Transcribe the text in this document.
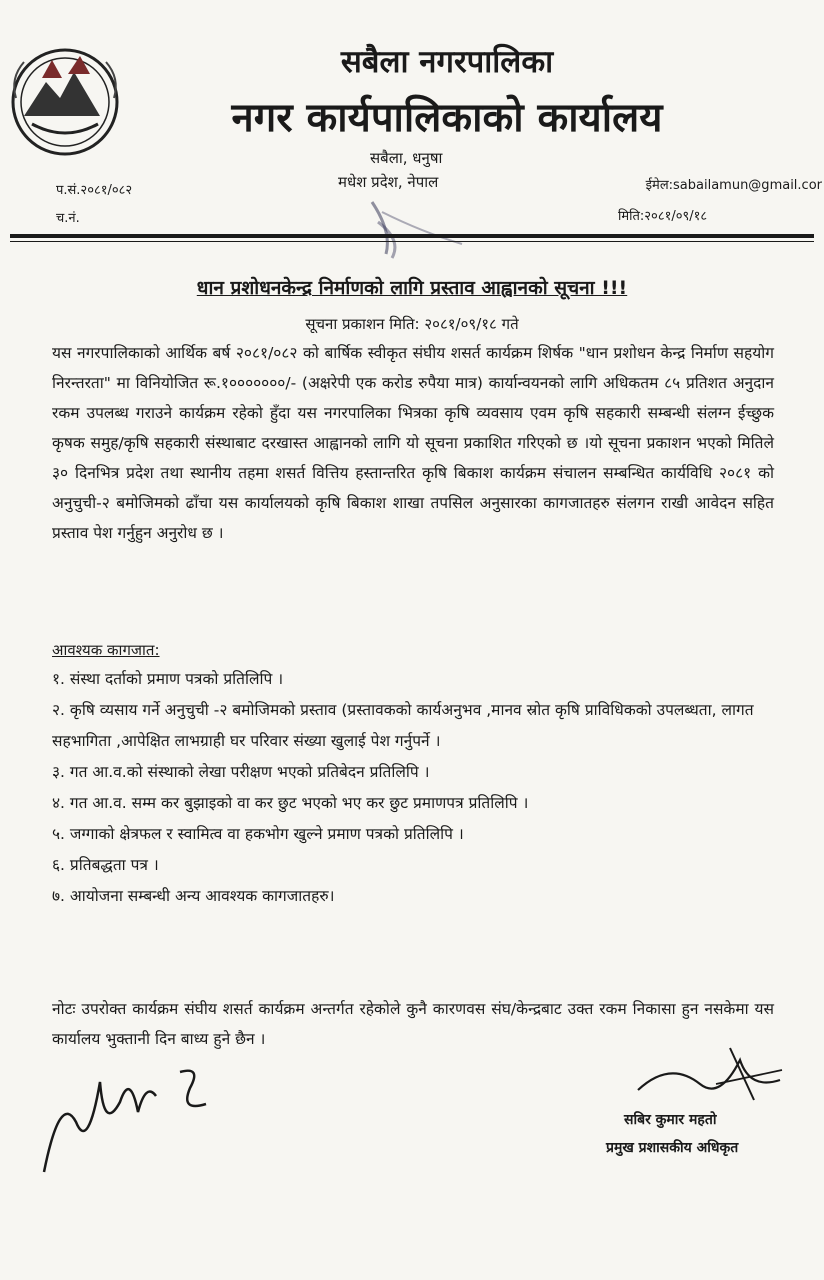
सबैला नगरपालिका
नगर कार्यपालिकाको कार्यालय
सबैला, धनुषा
मधेश प्रदेश, नेपाल
प.सं.२०८१/०८२
च.नं.
ईमेल:sabailamun@gmail.cor
मिति:२०८१/०९/१८
धान प्रशोधनकेन्द्र निर्माणको लागि प्रस्ताव आह्वानको सूचना !!!
सूचना प्रकाशन मिति: २०८१/०९/१८ गते
यस नगरपालिकाको आर्थिक बर्ष २०८१/०८२ को बार्षिक स्वीकृत संघीय शसर्त कार्यक्रम शिर्षक "धान प्रशोधन केन्द्र निर्माण सहयोग निरन्तरता" मा विनियोजित रू.१०००००००/- (अक्षरेपी एक करोड रुपैया मात्र) कार्यान्वयनको लागि अधिकतम ८५ प्रतिशत अनुदान रकम उपलब्ध गराउने कार्यक्रम रहेको हुँदा यस नगरपालिका भित्रका कृषि व्यवसाय एवम कृषि सहकारी सम्बन्धी संलग्न ईच्छुक कृषक समुह/कृषि सहकारी संस्थाबाट दरखास्त आह्वानको लागि यो सूचना प्रकाशित गरिएको छ ।यो सूचना प्रकाशन भएको मितिले ३० दिनभित्र प्रदेश तथा स्थानीय तहमा शसर्त वित्तिय हस्तान्तरित कृषि बिकाश कार्यक्रम संचालन सम्बन्धित कार्यविधि २०८१ को अनुचुची-२ बमोजिमको ढाँचा यस कार्यालयको कृषि बिकाश शाखा तपसिल अनुसारका कागजातहरु संलगन राखी आवेदन सहित प्रस्ताव पेश गर्नुहुन अनुरोध छ ।
आवश्यक कागजात:
१. संस्था दर्ताको प्रमाण पत्रको प्रतिलिपि ।
२. कृषि व्यसाय गर्ने अनुचुची -२ बमोजिमको प्रस्ताव (प्रस्तावकको कार्यअनुभव ,मानव स्रोत कृषि प्राविधिकको उपलब्धता, लागत सहभागिता ,आपेक्षित लाभग्राही घर परिवार संख्या खुलाई पेश गर्नुपर्ने ।
३. गत आ.व.को संस्थाको लेखा परीक्षण भएको प्रतिबेदन प्रतिलिपि ।
४. गत आ.व. सम्म कर बुझाइको वा कर छुट भएको भए कर छुट प्रमाणपत्र प्रतिलिपि ।
५. जग्गाको क्षेत्रफल र स्वामित्व वा हकभोग खुल्ने प्रमाण पत्रको प्रतिलिपि ।
६. प्रतिबद्धता पत्र ।
७. आयोजना सम्बन्धी अन्य आवश्यक कागजातहरु।
नोटः उपरोक्त कार्यक्रम संघीय शसर्त कार्यक्रम अन्तर्गत रहेकोले कुनै कारणवस संघ/केन्द्रबाट उक्त रकम निकासा हुन नसकेमा यस कार्यालय भुक्तानी दिन बाध्य हुने छैन ।
सबिर कुमार महतो
प्रमुख प्रशासकीय अधिकृत
